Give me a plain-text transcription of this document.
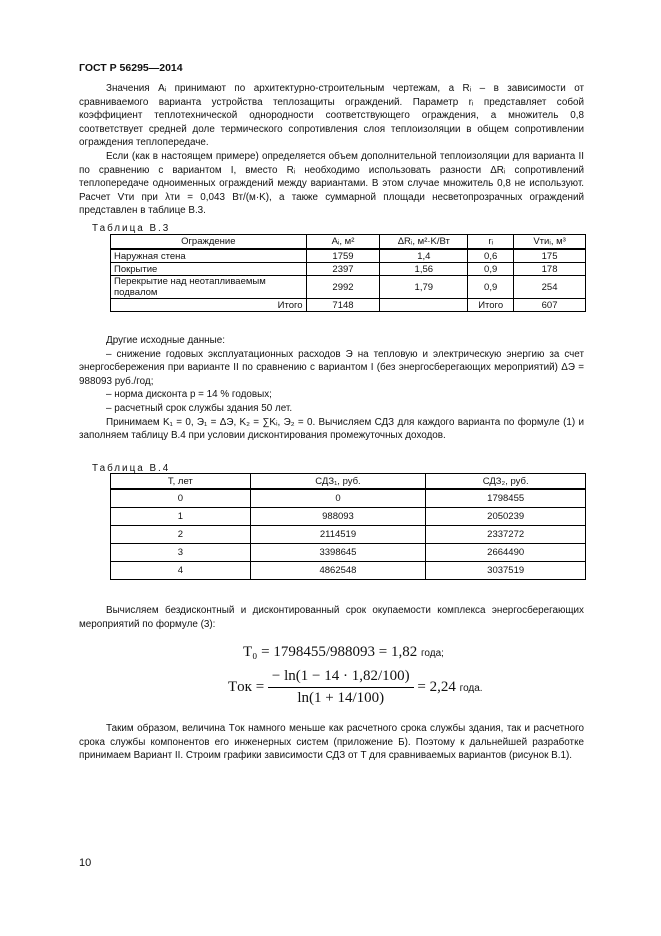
ГОСТ Р 56295—2014

Значения Aᵢ принимают по архитектурно-строительным чертежам, a Rᵢ – в зависимости от сравниваемого варианта устройства теплозащиты ограждений. Параметр rᵢ представляет собой коэффициент теплотехнической однородности соответствующего ограждения, а множитель 0,8 соответствует средней доле термического сопротивления слоя теплоизоляции в общем сопротивлении ограждения теплопередаче.

Если (как в настоящем примере) определяется объем дополнительной теплоизоляции для варианта II по сравнению с вариантом I, вместо Rᵢ необходимо использовать разности ΔRᵢ сопротивлений теплопередаче одноименных ограждений между вариантами. В этом случае множитель 0,8 не используют. Расчет Vти при λти = 0,043 Вт/(м·K), а также суммарной площади несветопрозрачных ограждений представлен в таблице В.3.

Таблица В.3
Ограждение	Aᵢ, м²	ΔRᵢ, м²·K/Вт	rᵢ	Vтиᵢ, м³
Наружная стена	1759	1,4	0,6	175
Покрытие	2397	1,56	0,9	178
Перекрытие над неотапливаемым подвалом	2992	1,79	0,9	254
Итого	7148		Итого	607

Другие исходные данные:

– снижение годовых эксплуатационных расходов Э на тепловую и электрическую энергию за счет энергосбережения при варианте II по сравнению с вариантом I (без энергосберегающих мероприятий) ΔЭ = 988093 руб./год;

– норма дисконта p = 14 % годовых;

– расчетный срок службы здания 50 лет.

Принимаем K₁ = 0, Э₁ = ΔЭ, K₂ = ∑Kᵢ, Э₂ = 0. Вычисляем СДЗ для каждого варианта по формуле (1) и заполняем таблицу В.4 при условии дисконтирования промежуточных доходов.

Таблица В.4
T, лет	СДЗ₁, руб.	СДЗ₂, руб.
0	0	1798455
1	988093	2050239
2	2114519	2337272
3	3398645	2664490
4	4862548	3037519

Вычисляем бездисконтный и дисконтированный срок окупаемости комплекса энергосберегающих мероприятий по формуле (3):

T₀ = 1798455/988093 = 1,82 года;
Tок = $\frac{- \ln(1 - 14 \cdot 1,82/100)}{\ln(1 + 14/100)} = 2,24$ года.

Таким образом, величина Tок намного меньше как расчетного срока службы здания, так и расчетного срока службы компонентов его инженерных систем (приложение Б). Поэтому к дальнейшей разработке принимаем Вариант II. Строим графики зависимости СДЗ от T для сравниваемых вариантов (рисунок В.1).

10
